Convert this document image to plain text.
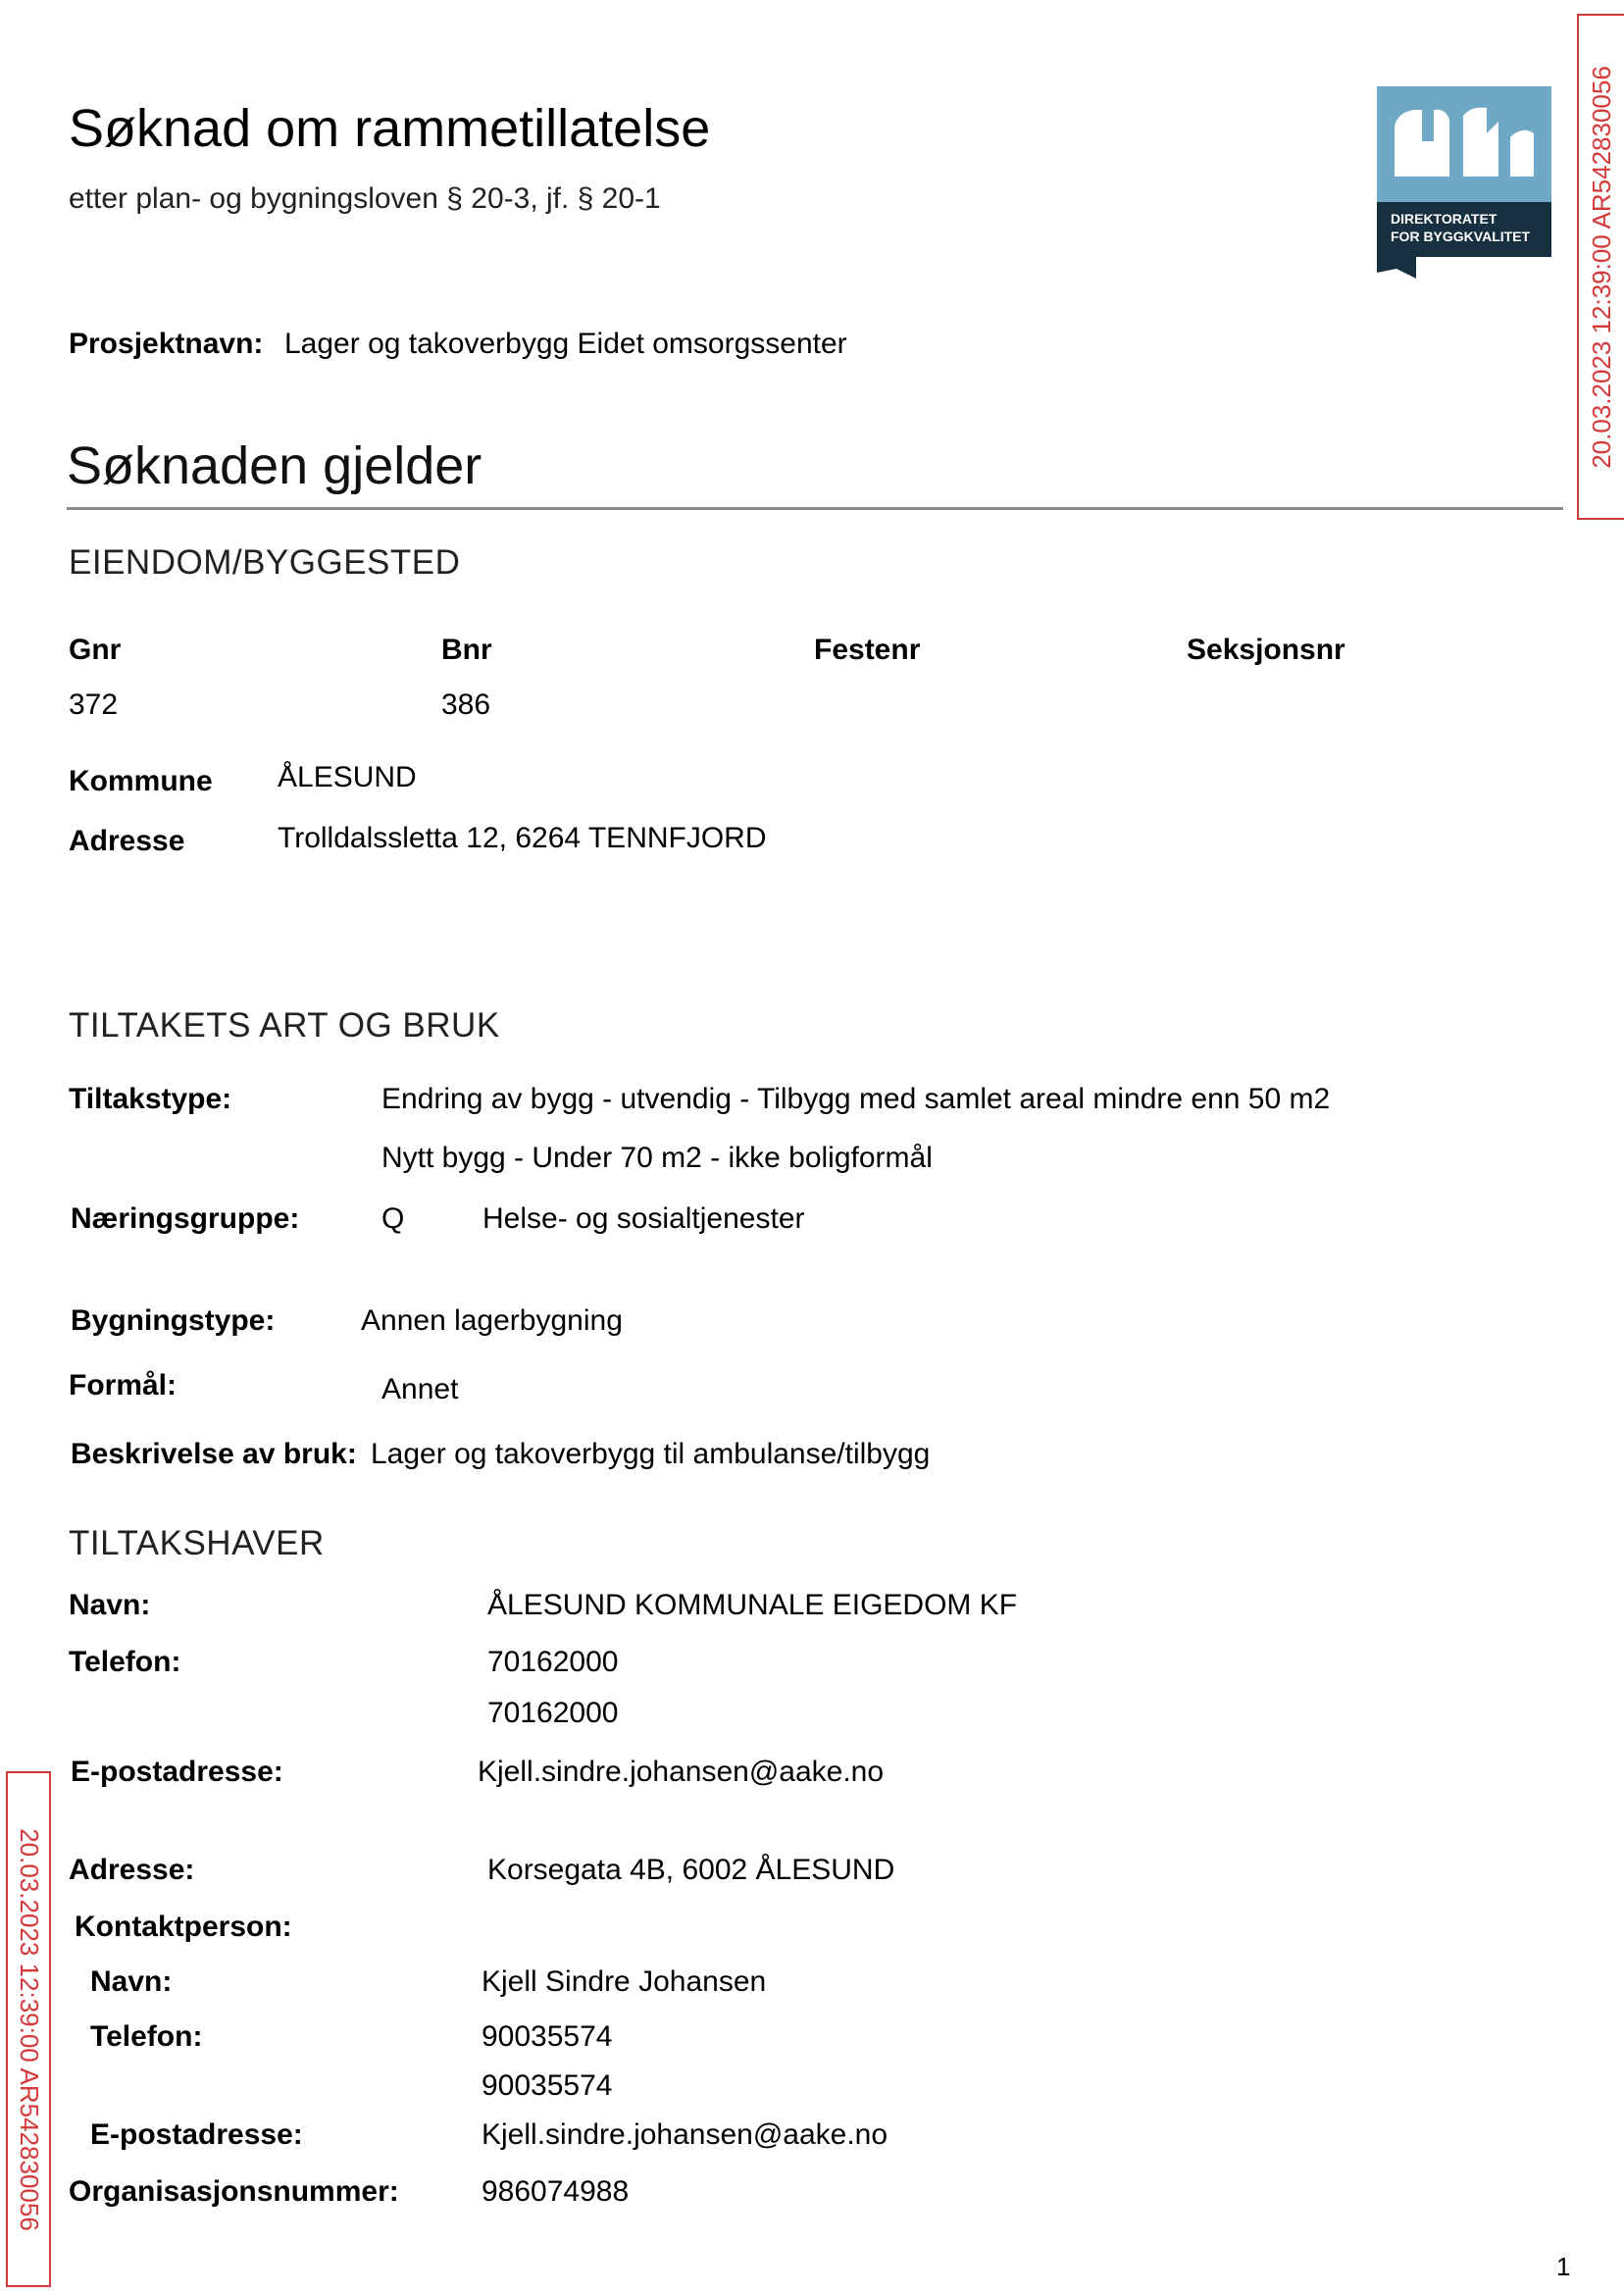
Søknad om rammetillatelse
etter plan- og bygningsloven § 20-3, jf. § 20-1
Prosjektnavn: Lager og takoverbygg Eidet omsorgssenter
DIREKTORATET
FOR BYGGKVALITET 20.03.2023 12:39:00 AR542830056
20.03.2023 12:39:00 AR542830056
Søknaden gjelder
EIENDOM/BYGGESTED
Gnr	Bnr	Festenr	Seksjonsnr
372	386
Kommune ÅLESUND
Adresse	Trolldalssletta 12, 6264 TENNFJORD
TILTAKETS ART OG BRUK
Tiltakstype:	Endring av bygg - utvendig - Tilbygg med samlet areal mindre enn 50 m2
Nytt bygg - Under 70 m2 - ikke boligformål
Næringsgruppe:	Q	Helse- og sosialtjenester
Bygningstype:	Annen lagerbygning
Formål:	Annet
Beskrivelse av bruk: Lager og takoverbygg til ambulanse/tilbygg
TILTAKSHAVER
Navn:	ÅLESUND KOMMUNALE EIGEDOM KF
Telefon:	70162000
70162000
E-postadresse:	Kjell.sindre.johansen@aake.no
Adresse:	Korsegata 4B, 6002 ÅLESUND
Kontaktperson:
Navn:	Kjell Sindre Johansen
Telefon:	90035574
90035574
E-postadresse:	Kjell.sindre.johansen@aake.no
Organisasjonsnummer:	986074988
1
